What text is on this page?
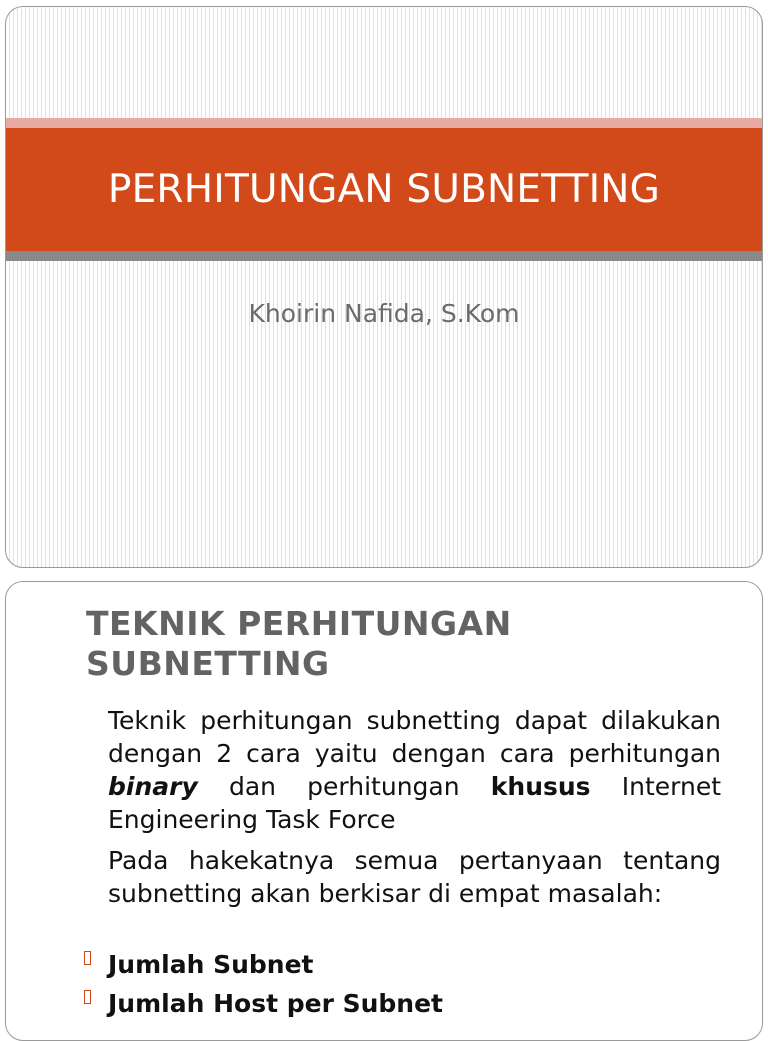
PERHITUNGAN SUBNETTING
Khoirin Nafida, S.Kom
TEKNIK PERHITUNGAN SUBNETTING
Teknik perhitungan subnetting dapat dilakukan dengan 2 cara yaitu dengan cara perhitungan binary dan perhitungan khusus Internet Engineering Task Force
Pada hakekatnya semua pertanyaan tentang subnetting akan berkisar di empat masalah:
Jumlah Subnet
Jumlah Host per Subnet
